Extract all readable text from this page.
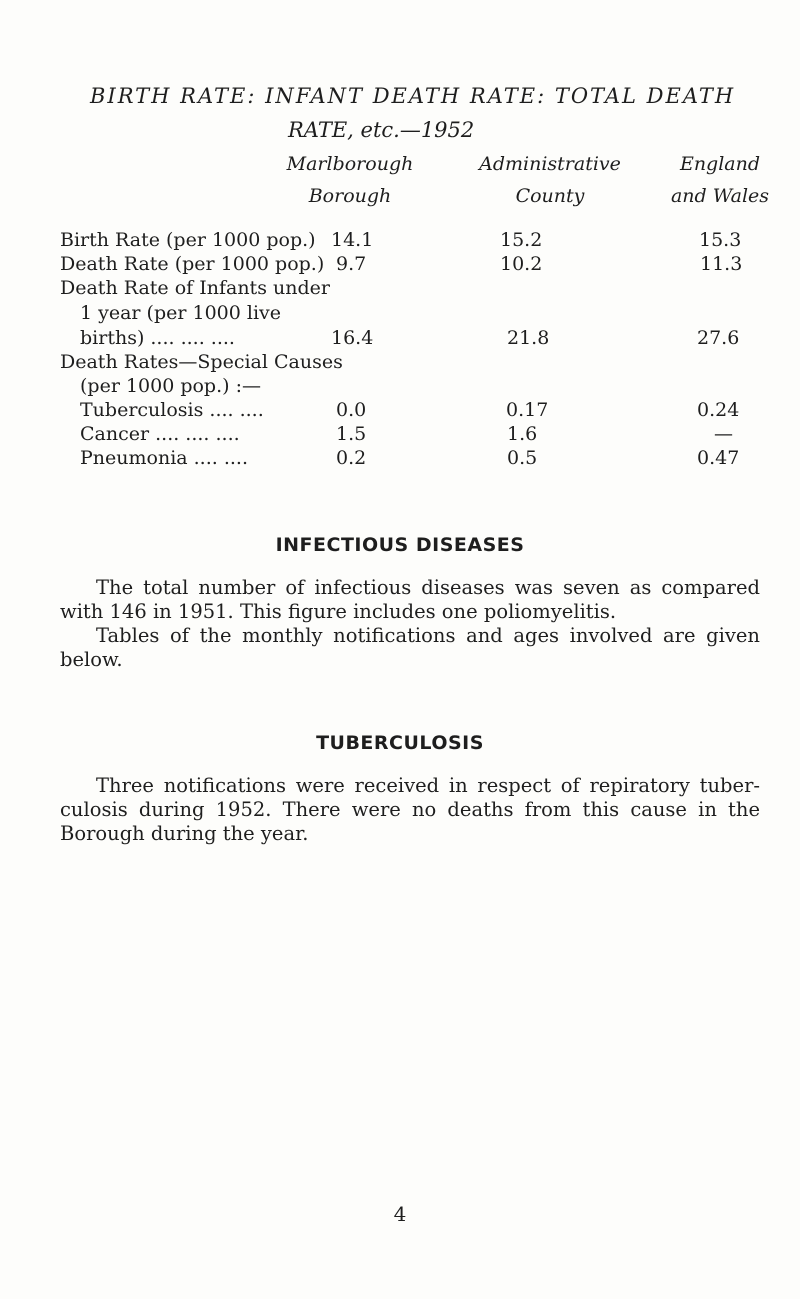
BIRTH RATE: INFANT DEATH RATE: TOTAL DEATH
RATE, etc.—1952
Marlborough
Borough
Administrative
County
England
and Wales
Birth Rate (per 1000 pop.) 14.1	15.2	15.3
Death Rate (per 1000 pop.) 9.7	10.2	11.3
Death Rate of Infants under
1 year (per 1000 live
births) .... .... ....	16.4	21.8	27.6
Death Rates—Special Causes
(per 1000 pop.) :—
Tuberculosis .... ....	0.0	0.17	0.24
Cancer .... .... ....	1.5	1.6	—
Pneumonia .... ....	0.2	0.5	0.47
INFECTIOUS DISEASES
The total number of infectious diseases was seven as compared with 146 in 1951. This figure includes one poliomyelitis.
Tables of the monthly notifications and ages involved are given below.
TUBERCULOSIS
Three notifications were received in respect of repiratory tuber-culosis during 1952. There were no deaths from this cause in the Borough during the year.
4
